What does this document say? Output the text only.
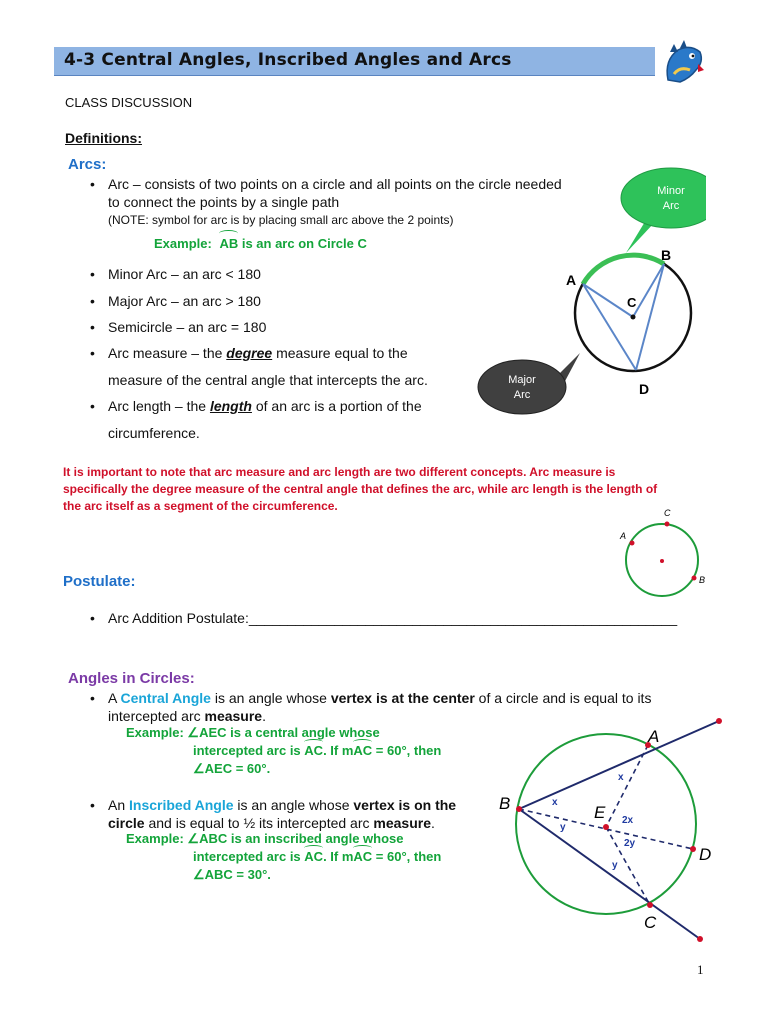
4-3 Central Angles, Inscribed Angles and Arcs
CLASS DISCUSSION
Definitions:
Arcs:
• Arc – consists of two points on a circle and all points on the circle needed
to connect the points by a single path
(NOTE: symbol for arc is by placing small arc above the 2 points)
Example: AB is an arc on Circle C
• Minor Arc – an arc < 180
• Major Arc – an arc > 180
• Semicircle – an arc = 180
• Arc measure – the degree measure equal to the
measure of the central angle that intercepts the arc.
• Arc length – the length of an arc is a portion of the
circumference.
A
B
C
D
Minor
Arc
Major
Arc
It is important to note that arc measure and arc length are two different concepts. Arc measure is
specifically the degree measure of the central angle that defines the arc, while arc length is the length of
the arc itself as a segment of the circumference.
A
C
B
Postulate:
• Arc Addition Postulate:_______________________________________________________
Angles in Circles:
• A Central Angle is an angle whose vertex is at the center of a circle and is equal to its
intercepted arc measure.
Example: ∠AEC is a central angle whose
intercepted arc is
AC. If m
AC = 60°, then
∠AEC = 60°.
• An Inscribed Angle is an angle whose vertex is on the
circle and is equal to ½ its intercepted arc measure.
Example: ∠ABC is an inscribed angle whose
intercepted arc is
AC. If m
AC = 60°, then
∠ABC = 30°.
A
B
C
D
E
x
x
y
y
2x
2y
1
